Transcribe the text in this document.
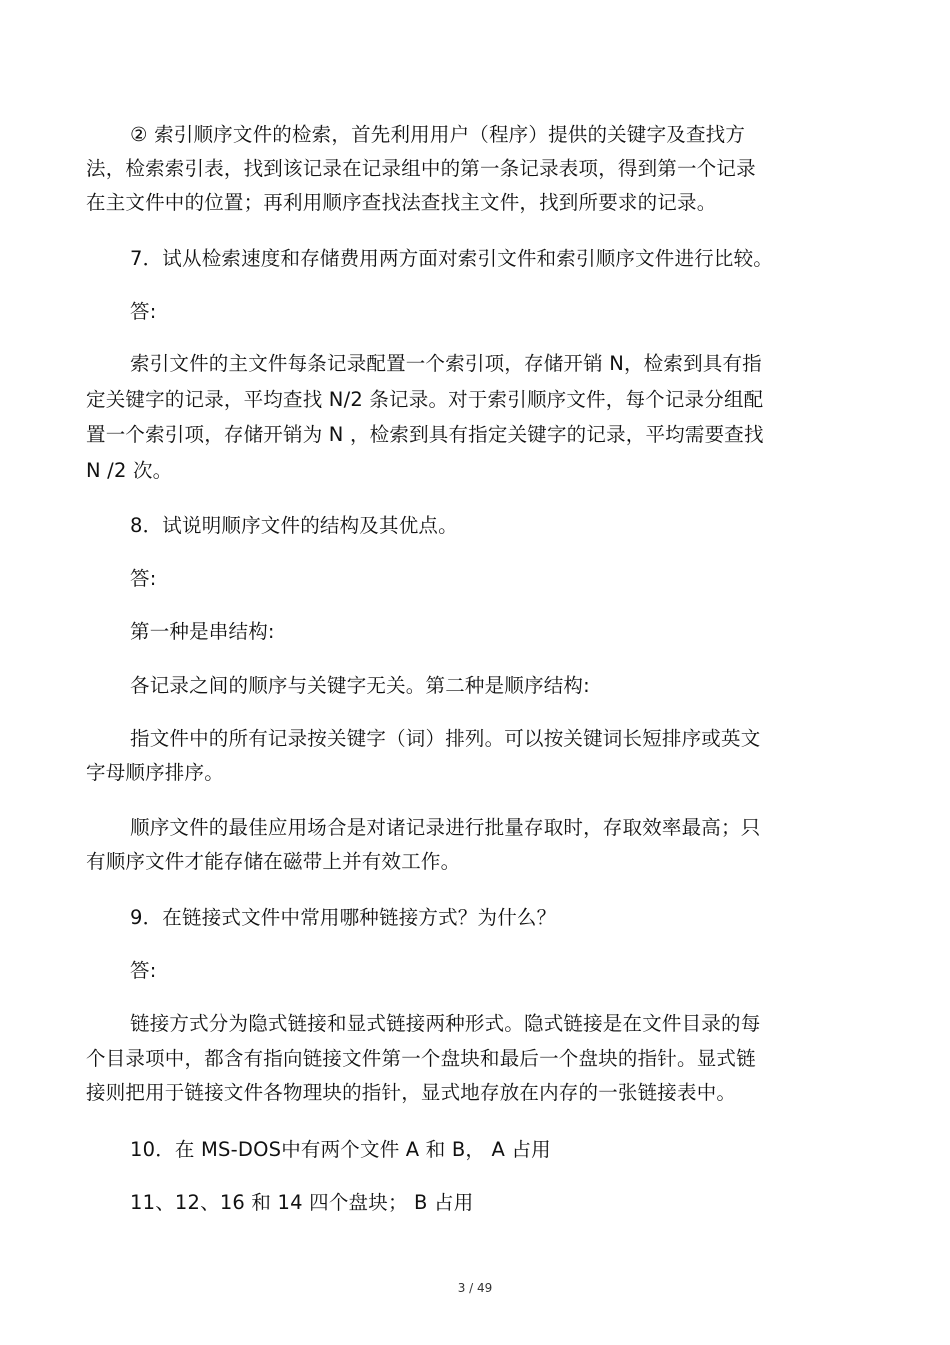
② 索引顺序文件的检索，首先利用用户（程序）提供的关键字及查找方
法，检索索引表，找到该记录在记录组中的第一条记录表项，得到第一个记录
在主文件中的位置；再利用顺序查找法查找主文件，找到所要求的记录。
7．试从检索速度和存储费用两方面对索引文件和索引顺序文件进行比较。
答:
索引文件的主文件每条记录配置一个索引项，存储开销 N，检索到具有指
定关键字的记录，平均查找 N/2 条记录。对于索引顺序文件，每个记录分组配
置一个索引项，存储开销为 N ，检索到具有指定关键字的记录，平均需要查找
N /2 次。
8．试说明顺序文件的结构及其优点。
答:
第一种是串结构:
各记录之间的顺序与关键字无关。第二种是顺序结构:
指文件中的所有记录按关键字（词）排列。可以按关键词长短排序或英文
字母顺序排序。
顺序文件的最佳应用场合是对诸记录进行批量存取时，存取效率最高；只
有顺序文件才能存储在磁带上并有效工作。
9．在链接式文件中常用哪种链接方式？为什么？
答:
链接方式分为隐式链接和显式链接两种形式。隐式链接是在文件目录的每
个目录项中，都含有指向链接文件第一个盘块和最后一个盘块的指针。显式链
接则把用于链接文件各物理块的指针，显式地存放在内存的一张链接表中。
10．在 MS-DOS中有两个文件 A 和 B， A 占用
11、12、16 和 14 四个盘块； B 占用
3 / 49
